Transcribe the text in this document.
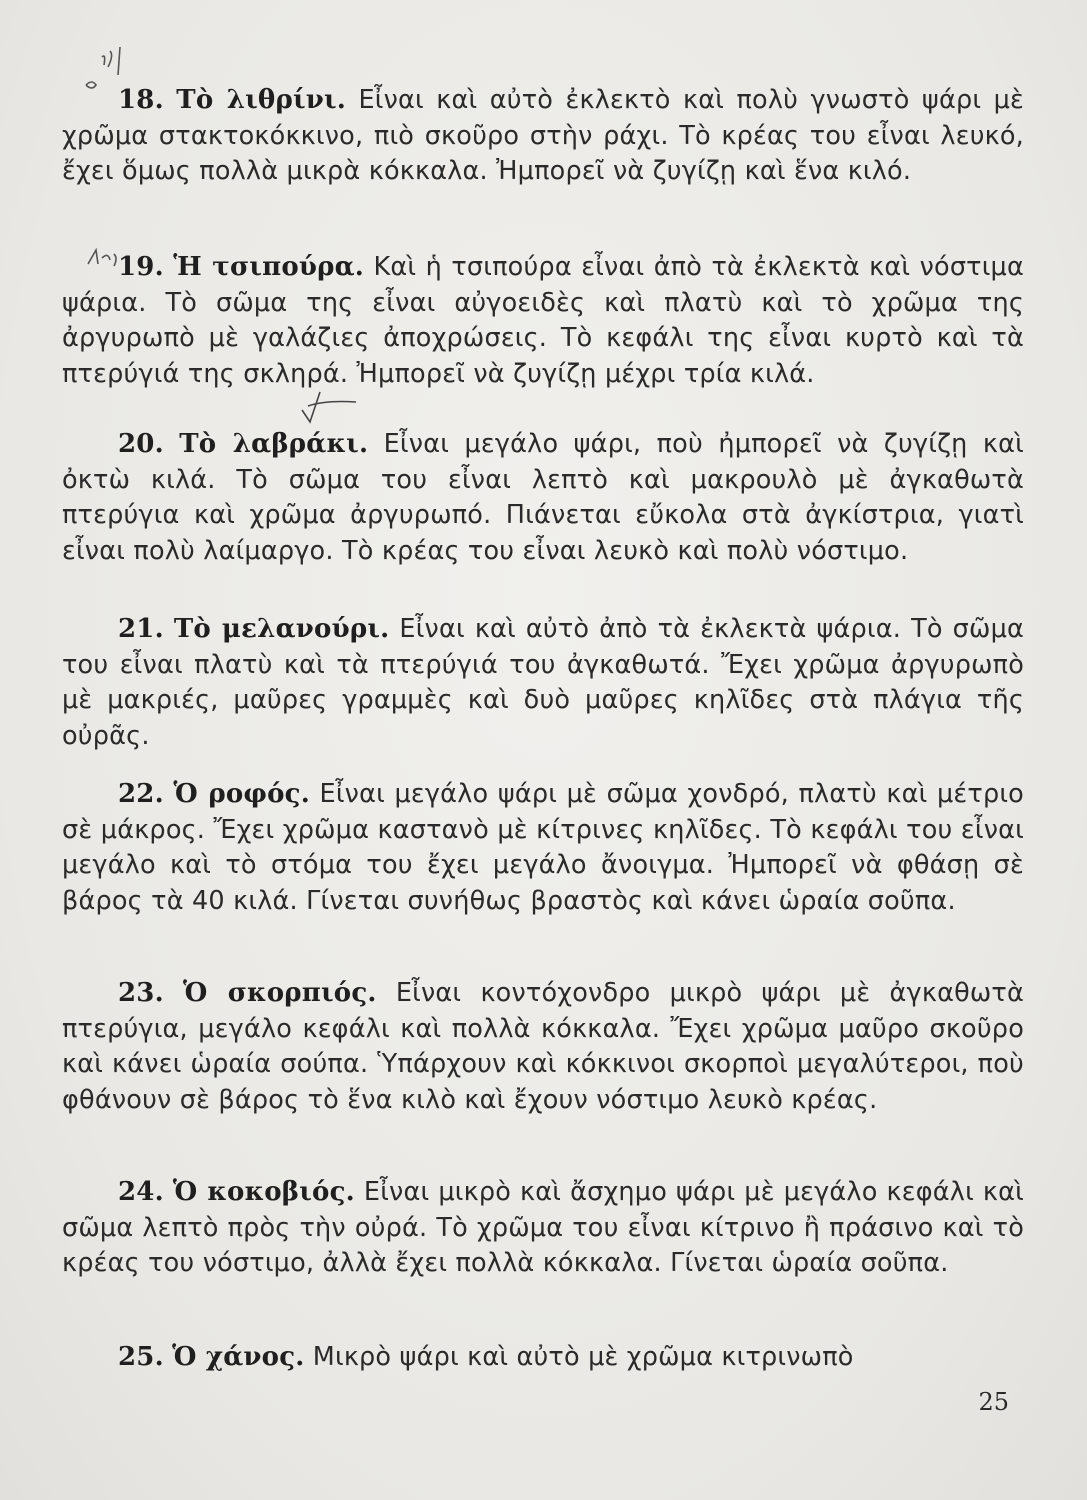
18. Τὸ λιθρίνι. Εἶναι καὶ αὐτὸ ἐκλεκτὸ καὶ πολὺ γνωστὸ ψάρι μὲ χρῶμα στακτοκόκκινο, πιὸ σκοῦρο στὴν ράχι. Τὸ κρέας του εἶναι λευκό, ἔχει ὅμως πολλὰ μικρὰ κόκκαλα. Ἠμπορεῖ νὰ ζυγίζῃ καὶ ἕνα κιλό.

19. Ἡ τσιπούρα. Καὶ ἡ τσιπούρα εἶναι ἀπὸ τὰ ἐκλεκτὰ καὶ νόστιμα ψάρια. Τὸ σῶμα της εἶναι αὐγοειδὲς καὶ πλατὺ καὶ τὸ χρῶμα της ἀργυρωπὸ μὲ γαλάζιες ἀποχρώσεις. Τὸ κεφάλι της εἶναι κυρτὸ καὶ τὰ πτερύγιά της σκληρά. Ἠμπορεῖ νὰ ζυγίζῃ μέχρι τρία κιλά.

20. Τὸ λαβράκι. Εἶναι μεγάλο ψάρι, ποὺ ἠμπορεῖ νὰ ζυγίζῃ καὶ ὀκτὼ κιλά. Τὸ σῶμα του εἶναι λεπτὸ καὶ μακρουλὸ μὲ ἀγκαθωτὰ πτερύγια καὶ χρῶμα ἀργυρωπό. Πιάνεται εὔκολα στὰ ἀγκίστρια, γιατὶ εἶναι πολὺ λαίμαργο. Τὸ κρέας του εἶναι λευκὸ καὶ πολὺ νόστιμο.

21. Τὸ μελανούρι. Εἶναι καὶ αὐτὸ ἀπὸ τὰ ἐκλεκτὰ ψάρια. Τὸ σῶμα του εἶναι πλατὺ καὶ τὰ πτερύγιά του ἀγκαθωτά. Ἔχει χρῶμα ἀργυρωπὸ μὲ μακριές, μαῦρες γραμμὲς καὶ δυὸ μαῦρες κηλῖδες στὰ πλάγια τῆς οὐρᾶς.

22. Ὁ ροφός. Εἶναι μεγάλο ψάρι μὲ σῶμα χονδρό, πλατὺ καὶ μέτριο σὲ μάκρος. Ἔχει χρῶμα καστανὸ μὲ κίτρινες κηλῖδες. Τὸ κεφάλι του εἶναι μεγάλο καὶ τὸ στόμα του ἔχει μεγάλο ἄνοιγμα. Ἠμπορεῖ νὰ φθάσῃ σὲ βάρος τὰ 40 κιλά. Γίνεται συνήθως βραστὸς καὶ κάνει ὡραία σοῦπα.

23. Ὁ σκορπιός. Εἶναι κοντόχονδρο μικρὸ ψάρι μὲ ἀγκαθωτὰ πτερύγια, μεγάλο κεφάλι καὶ πολλὰ κόκκαλα. Ἔχει χρῶμα μαῦρο σκοῦρο καὶ κάνει ὡραία σούπα. Ὑπάρχουν καὶ κόκκινοι σκορποὶ μεγαλύτεροι, ποὺ φθάνουν σὲ βάρος τὸ ἕνα κιλὸ καὶ ἔχουν νόστιμο λευκὸ κρέας.

24. Ὁ κοκοβιός. Εἶναι μικρὸ καὶ ἄσχημο ψάρι μὲ μεγάλο κεφάλι καὶ σῶμα λεπτὸ πρὸς τὴν οὐρά. Τὸ χρῶμα του εἶναι κίτρινο ἢ πράσινο καὶ τὸ κρέας του νόστιμο, ἀλλὰ ἔχει πολλὰ κόκκαλα. Γίνεται ὡραία σοῦπα.

25. Ὁ χάνος. Μικρὸ ψάρι καὶ αὐτὸ μὲ χρῶμα κιτρινωπὸ

25
